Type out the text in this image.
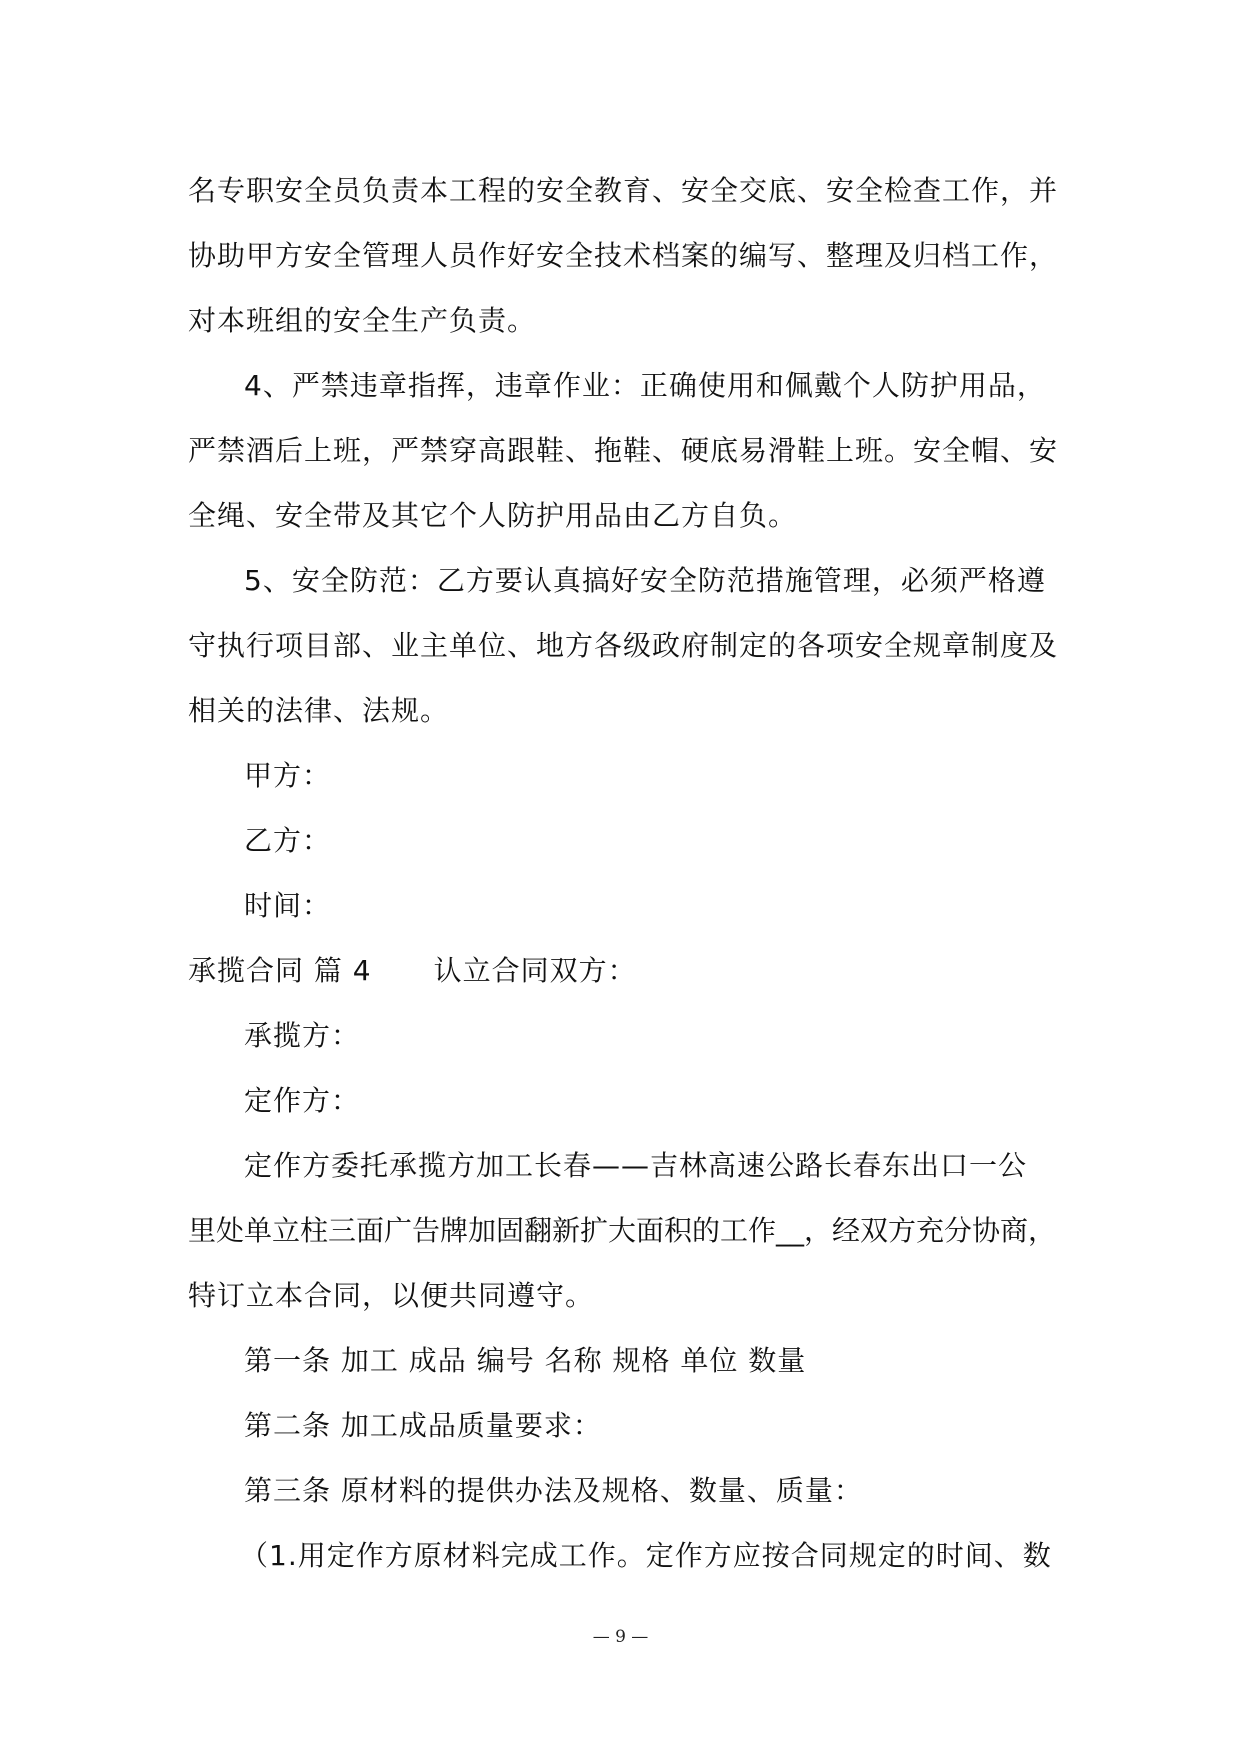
名专职安全员负责本工程的安全教育、安全交底、安全检查工作，并
协助甲方安全管理人员作好安全技术档案的编写、整理及归档工作，
对本班组的安全生产负责。
4、严禁违章指挥，违章作业：正确使用和佩戴个人防护用品，
严禁酒后上班，严禁穿高跟鞋、拖鞋、硬底易滑鞋上班。安全帽、安
全绳、安全带及其它个人防护用品由乙方自负。
5、安全防范：乙方要认真搞好安全防范措施管理，必须严格遵
守执行项目部、业主单位、地方各级政府制定的各项安全规章制度及
相关的法律、法规。
甲方：
乙方：
时间：
承揽合同 篇 4 认立合同双方：
承揽方：
定作方：
定作方委托承揽方加工长春——吉林高速公路长春东出口一公
里处单立柱三面广告牌加固翻新扩大面积的工作__，经双方充分协商，
特订立本合同，以便共同遵守。
第一条 加工 成品 编号 名称 规格 单位 数量
第二条 加工成品质量要求：
第三条 原材料的提供办法及规格、数量、质量：
（1.用定作方原材料完成工作。定作方应按合同规定的时间、数
— 9 —
